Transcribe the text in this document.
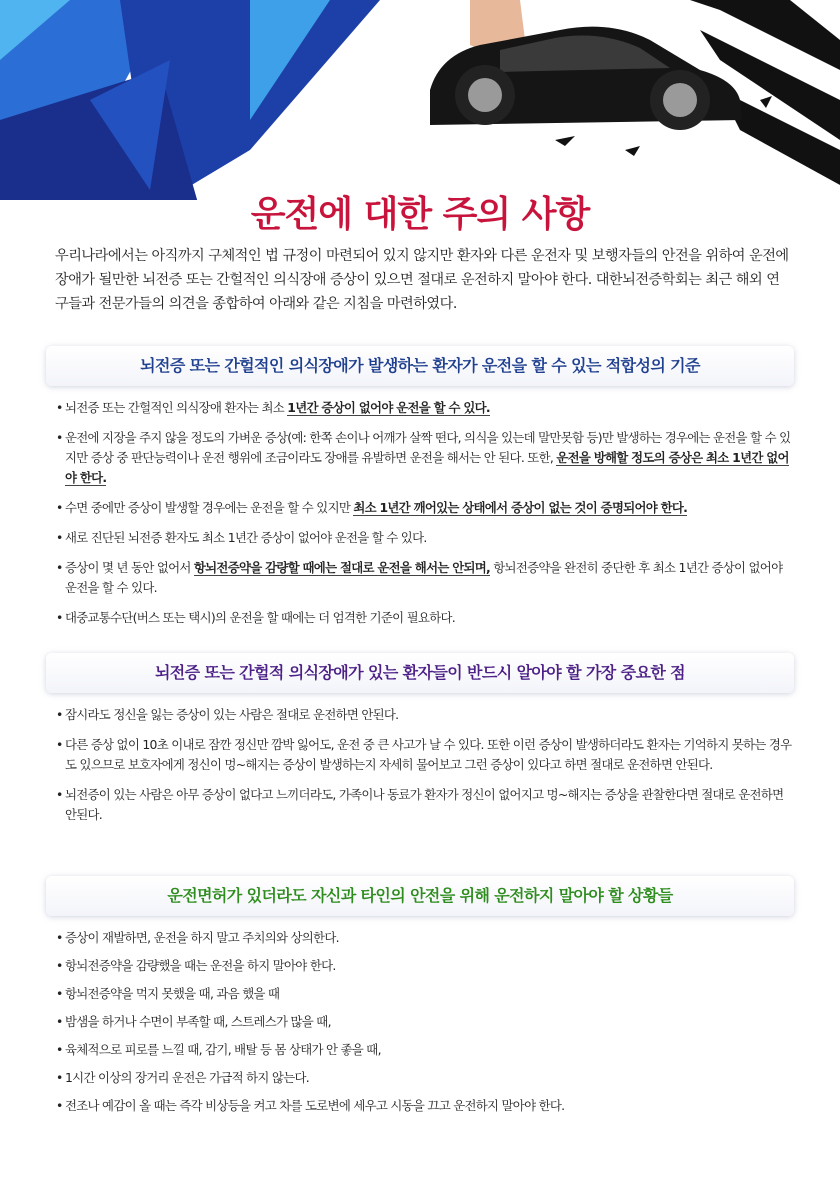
운전에 대한 주의 사항

우리나라에서는 아직까지 구체적인 법 규정이 마련되어 있지 않지만 환자와 다른 운전자 및 보행자들의 안전을 위하여 운전에 장애가 될만한 뇌전증 또는 간헐적인 의식장애 증상이 있으면 절대로 운전하지 말아야 한다. 대한뇌전증학회는 최근 해외 연구들과 전문가들의 의견을 종합하여 아래와 같은 지침을 마련하였다.

뇌전증 또는 간헐적인 의식장애가 발생하는 환자가 운전을 할 수 있는 적합성의 기준
• 뇌전증 또는 간헐적인 의식장애 환자는 최소 1년간 증상이 없어야 운전을 할 수 있다.
• 운전에 지장을 주지 않을 정도의 가벼운 증상(예: 한쪽 손이나 어깨가 살짝 떤다, 의식을 있는데 말만못함 등)만 발생하는 경우에는 운전을 할 수 있지만 증상 중 판단능력이나 운전 행위에 조금이라도 장애를 유발하면 운전을 해서는 안 된다. 또한, 운전을 방해할 정도의 증상은 최소 1년간 없어야 한다.
• 수면 중에만 증상이 발생할 경우에는 운전을 할 수 있지만 최소 1년간 깨어있는 상태에서 증상이 없는 것이 증명되어야 한다.
• 새로 진단된 뇌전증 환자도 최소 1년간 증상이 없어야 운전을 할 수 있다.
• 증상이 몇 년 동안 없어서 항뇌전증약을 감량할 때에는 절대로 운전을 해서는 안되며, 항뇌전증약을 완전히 중단한 후 최소 1년간 증상이 없어야 운전을 할 수 있다.
• 대중교통수단(버스 또는 택시)의 운전을 할 때에는 더 엄격한 기준이 필요하다.
뇌전증 또는 간헐적 의식장애가 있는 환자들이 반드시 알아야 할 가장 중요한 점
• 잠시라도 정신을 잃는 증상이 있는 사람은 절대로 운전하면 안된다.
• 다른 증상 없이 10초 이내로 잠깐 정신만 깜박 잃어도, 운전 중 큰 사고가 날 수 있다. 또한 이런 증상이 발생하더라도 환자는 기억하지 못하는 경우도 있으므로 보호자에게 정신이 멍~해지는 증상이 발생하는지 자세히 물어보고 그런 증상이 있다고 하면 절대로 운전하면 안된다.
• 뇌전증이 있는 사람은 아무 증상이 없다고 느끼더라도, 가족이나 동료가 환자가 정신이 없어지고 멍~해지는 증상을 관찰한다면 절대로 운전하면 안된다.
운전면허가 있더라도 자신과 타인의 안전을 위해 운전하지 말아야 할 상황들
• 증상이 재발하면, 운전을 하지 말고 주치의와 상의한다.
• 항뇌전증약을 감량했을 때는 운전을 하지 말아야 한다.
• 항뇌전증약을 먹지 못했을 때, 과음 했을 때
• 밤샘을 하거나 수면이 부족할 때, 스트레스가 많을 때,
• 육체적으로 피로를 느낄 때, 감기, 배탈 등 몸 상태가 안 좋을 때,
• 1시간 이상의 장거리 운전은 가급적 하지 않는다.
• 전조나 예감이 올 때는 즉각 비상등을 켜고 차를 도로변에 세우고 시동을 끄고 운전하지 말아야 한다.
